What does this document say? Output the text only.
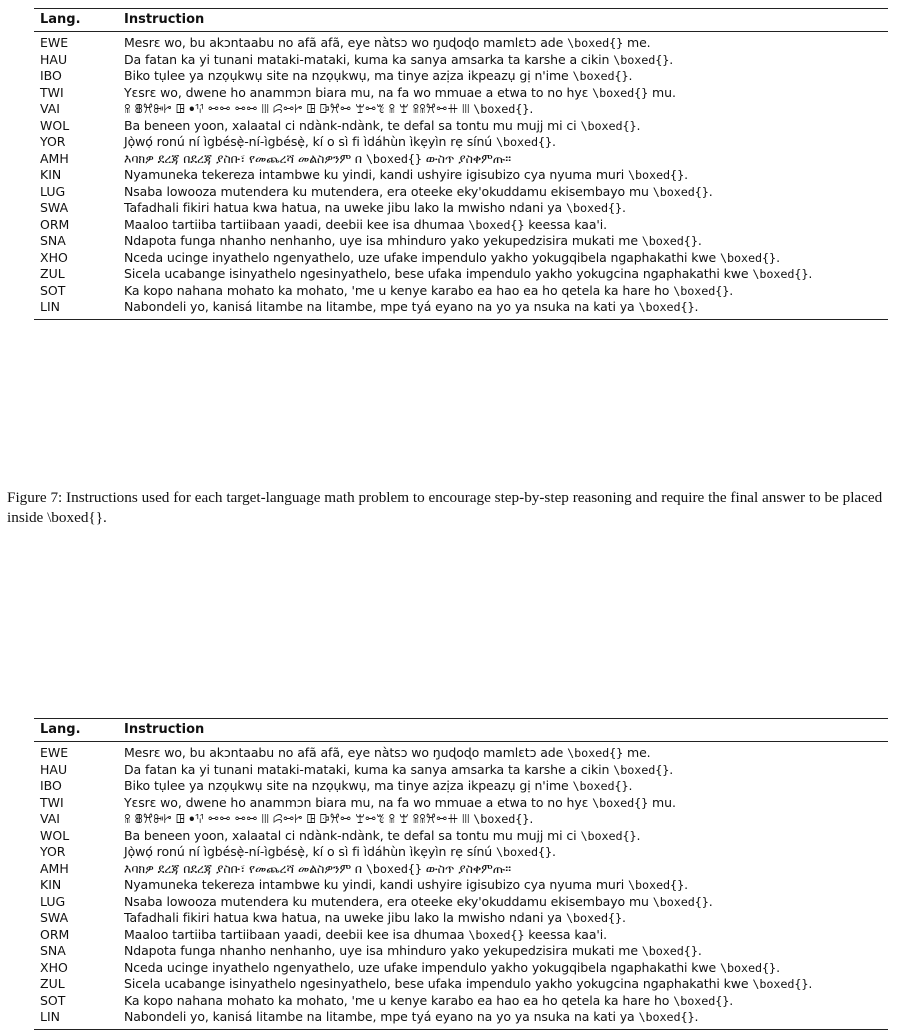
Lang.	Instruction
EWE	Mesrɛ wo, bu akɔntaabu no afã afã, eye nàtsɔ wo ŋuɖoɖo mamlɛtɔ ade \boxed{} me.
HAU	Da fatan ka yi tunani mataki-mataki, kuma ka sanya amsarka ta karshe a cikin \boxed{}.
IBO	Biko tụlee ya nzọụkwụ site na nzọụkwụ, ma tinye azịza ikpeazụ gị n'ime \boxed{}.
TWI	Yɛsrɛ wo, dwene ho anammɔn biara mu, na fa wo mmuae a etwa to no hyɛ \boxed{} mu.
VAI	ꕉ ꕬꕮꔻꔵ ꖸ ꔷꖬ ꗬꗬ ꗬꗬ ꔖ ꗱꗬꔵ ꖸ ꕒꕮꗬ ꘃꗬꔳ ꕉ ꘃ ꕉꕉꕮꗬꔠ ꔖ \boxed{}.
WOL	Ba beneen yoon, xalaatal ci ndànk-ndànk, te defal sa tontu mu mujj mi ci \boxed{}.
YOR	Jọ̀wọ́ ronú ní ìgbésẹ̀-ní-ìgbésẹ̀, kí o sì fi ìdáhùn ìkẹyìn rẹ sínú \boxed{}.
AMH	እባክዎ ደረጃ በደረጃ ያስቡ፣ የመጨረሻ መልስዎንም በ \boxed{} ውስጥ ያስቀምጡ።
KIN	Nyamuneka tekereza intambwe ku yindi, kandi ushyire igisubizo cya nyuma muri \boxed{}.
LUG	Nsaba lowooza mutendera ku mutendera, era oteeke eky'okuddamu ekisembayo mu \boxed{}.
SWA	Tafadhali fikiri hatua kwa hatua, na uweke jibu lako la mwisho ndani ya \boxed{}.
ORM	Maaloo tartiiba tartiibaan yaadi, deebii kee isa dhumaa \boxed{} keessa kaa'i.
SNA	Ndapota funga nhanho nenhanho, uye isa mhinduro yako yekupedzisira mukati me \boxed{}.
XHO	Nceda ucinge inyathelo ngenyathelo, uze ufake impendulo yakho yokugqibela ngaphakathi kwe \boxed{}.
ZUL	Sicela ucabange isinyathelo ngesinyathelo, bese ufaka impendulo yakho yokugcina ngaphakathi kwe \boxed{}.
SOT	Ka kopo nahana mohato ka mohato, 'me u kenye karabo ea hao ea ho qetela ka hare ho \boxed{}.
LIN	Nabondeli yo, kanisá litambe na litambe, mpe tyá eyano na yo ya nsuka na kati ya \boxed{}.
Figure 7: Instructions used for each target-language math problem to encourage step-by-step reasoning and require the final answer to be placed inside \boxed{}.
Lang.	Instruction
EWE	Mesrɛ wo, bu akɔntaabu no afã afã, eye nàtsɔ wo ŋuɖoɖo mamlɛtɔ ade \boxed{} me.
HAU	Da fatan ka yi tunani mataki-mataki, kuma ka sanya amsarka ta karshe a cikin \boxed{}.
IBO	Biko tụlee ya nzọụkwụ site na nzọụkwụ, ma tinye azịza ikpeazụ gị n'ime \boxed{}.
TWI	Yɛsrɛ wo, dwene ho anammɔn biara mu, na fa wo mmuae a etwa to no hyɛ \boxed{} mu.
VAI	ꕉ ꕬꕮꔻꔵ ꖸ ꔷꖬ ꗬꗬ ꗬꗬ ꔖ ꗱꗬꔵ ꖸ ꕒꕮꗬ ꘃꗬꔳ ꕉ ꘃ ꕉꕉꕮꗬꔠ ꔖ \boxed{}.
WOL	Ba beneen yoon, xalaatal ci ndànk-ndànk, te defal sa tontu mu mujj mi ci \boxed{}.
YOR	Jọ̀wọ́ ronú ní ìgbésẹ̀-ní-ìgbésẹ̀, kí o sì fi ìdáhùn ìkẹyìn rẹ sínú \boxed{}.
AMH	እባክዎ ደረጃ በደረጃ ያስቡ፣ የመጨረሻ መልስዎንም በ \boxed{} ውስጥ ያስቀምጡ።
KIN	Nyamuneka tekereza intambwe ku yindi, kandi ushyire igisubizo cya nyuma muri \boxed{}.
LUG	Nsaba lowooza mutendera ku mutendera, era oteeke eky'okuddamu ekisembayo mu \boxed{}.
SWA	Tafadhali fikiri hatua kwa hatua, na uweke jibu lako la mwisho ndani ya \boxed{}.
ORM	Maaloo tartiiba tartiibaan yaadi, deebii kee isa dhumaa \boxed{} keessa kaa'i.
SNA	Ndapota funga nhanho nenhanho, uye isa mhinduro yako yekupedzisira mukati me \boxed{}.
XHO	Nceda ucinge inyathelo ngenyathelo, uze ufake impendulo yakho yokugqibela ngaphakathi kwe \boxed{}.
ZUL	Sicela ucabange isinyathelo ngesinyathelo, bese ufaka impendulo yakho yokugcina ngaphakathi kwe \boxed{}.
SOT	Ka kopo nahana mohato ka mohato, 'me u kenye karabo ea hao ea ho qetela ka hare ho \boxed{}.
LIN	Nabondeli yo, kanisá litambe na litambe, mpe tyá eyano na yo ya nsuka na kati ya \boxed{}.
